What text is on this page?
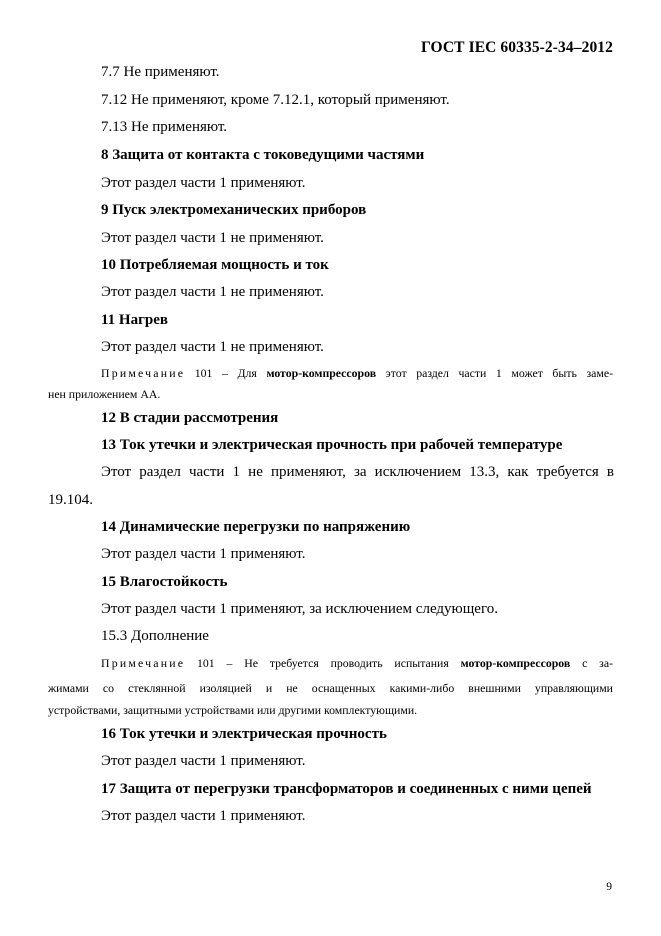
ГОСТ IEC 60335-2-34–2012
7.7 Не применяют.
7.12 Не применяют, кроме 7.12.1, который применяют.
7.13 Не применяют.
8 Защита от контакта с токоведущими частями
Этот раздел части 1 применяют.
9 Пуск электромеханических приборов
Этот раздел части 1 не применяют.
10 Потребляемая мощность и ток
Этот раздел части 1 не применяют.
11 Нагрев
Этот раздел части 1 не применяют.
Примечание 101 – Для мотор-компрессоров этот раздел части 1 может быть заме-
нен приложением АА.
12 В стадии рассмотрения
13 Ток утечки и электрическая прочность при рабочей температуре
Этот раздел части 1 не применяют, за исключением 13.3, как требуется в
19.104.
14 Динамические перегрузки по напряжению
Этот раздел части 1 применяют.
15 Влагостойкость
Этот раздел части 1 применяют, за исключением следующего.
15.3 Дополнение
Примечание 101 – Не требуется проводить испытания мотор-компрессоров с за-
жимами со стеклянной изоляцией и не оснащенных какими-либо внешними управляющими
устройствами, защитными устройствами или другими комплектующими.
16 Ток утечки и электрическая прочность
Этот раздел части 1 применяют.
17 Защита от перегрузки трансформаторов и соединенных с ними цепей
Этот раздел части 1 применяют.
9
